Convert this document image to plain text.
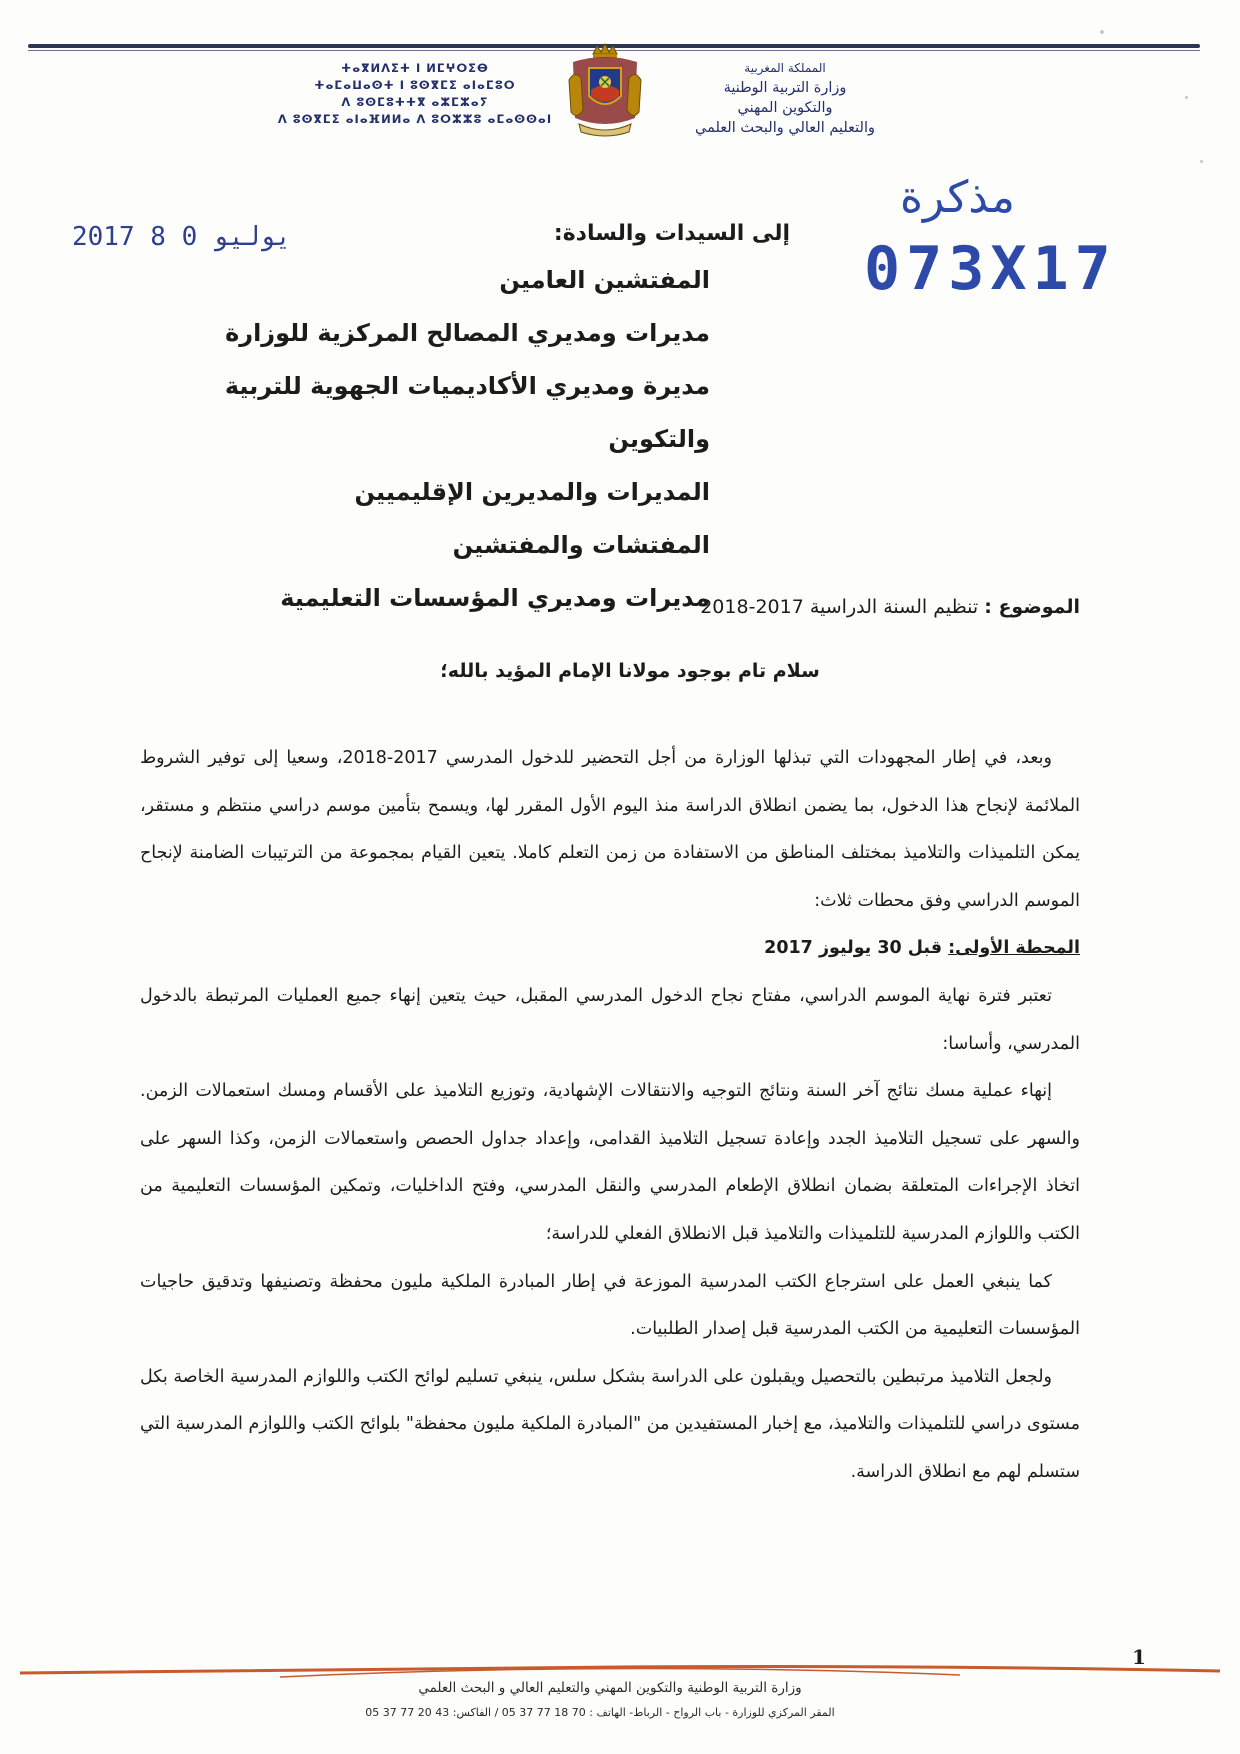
ⵜⴰⴳⵍⴷⵉⵜ ⵏ ⵍⵎⵖⵔⵉⴱ
ⵜⴰⵎⴰⵡⴰⵙⵜ ⵏ ⵓⵙⴳⵎⵉ ⴰⵏⴰⵎⵓⵔ
ⴷ ⵓⵙⵎⵓⵜⵜⴳ ⴰⵣⵎⵣⴰⵢ
ⴷ ⵓⵙⴳⵎⵉ ⴰⵏⴰⴼⵍⵍⴰ ⴷ ⵓⵔⵣⵣⵓ ⴰⵎⴰⵙⵙⴰⵏ
المملكة المغربية
وزارة التربية الوطنية
والتكوين المهني
والتعليم العالي والبحث العلمي
2017 يوليو 0 8
مذكرة
073X17
إلى السيدات والسادة:
المفتشين العامين
مديرات ومديري المصالح المركزية للوزارة
مديرة ومديري الأكاديميات الجهوية للتربية والتكوين
المديرات والمديرين الإقليميين
المفتشات والمفتشين
مديرات ومديري المؤسسات التعليمية	الموضوع : تنظيم السنة الدراسية 2017-2018
سلام تام بوجود مولانا الإمام المؤيد بالله؛

وبعد، في إطار المجهودات التي تبذلها الوزارة من أجل التحضير للدخول المدرسي 2017-2018، وسعيا إلى توفير الشروط الملائمة لإنجاح هذا الدخول، بما يضمن انطلاق الدراسة منذ اليوم الأول المقرر لها، ويسمح بتأمين موسم دراسي منتظم و مستقر، يمكن التلميذات والتلاميذ بمختلف المناطق من الاستفادة من زمن التعلم كاملا. يتعين القيام بمجموعة من الترتيبات الضامنة لإنجاح الموسم الدراسي وفق محطات ثلاث:

المحطة الأولى: قبل 30 يوليوز 2017

تعتبر فترة نهاية الموسم الدراسي، مفتاح نجاح الدخول المدرسي المقبل، حيث يتعين إنهاء جميع العمليات المرتبطة بالدخول المدرسي، وأساسا:

إنهاء عملية مسك نتائج آخر السنة ونتائج التوجيه والانتقالات الإشهادية، وتوزيع التلاميذ على الأقسام ومسك استعمالات الزمن. والسهر على تسجيل التلاميذ الجدد وإعادة تسجيل التلاميذ القدامى، وإعداد جداول الحصص واستعمالات الزمن، وكذا السهر على اتخاذ الإجراءات المتعلقة بضمان انطلاق الإطعام المدرسي والنقل المدرسي، وفتح الداخليات، وتمكين المؤسسات التعليمية من الكتب واللوازم المدرسية للتلميذات والتلاميذ قبل الانطلاق الفعلي للدراسة؛

كما ينبغي العمل على استرجاع الكتب المدرسية الموزعة في إطار المبادرة الملكية مليون محفظة وتصنيفها وتدقيق حاجيات المؤسسات التعليمية من الكتب المدرسية قبل إصدار الطلبيات.

ولجعل التلاميذ مرتبطين بالتحصيل ويقبلون على الدراسة بشكل سلس، ينبغي تسليم لوائح الكتب واللوازم المدرسية الخاصة بكل مستوى دراسي للتلميذات والتلاميذ، مع إخبار المستفيدين من "المبادرة الملكية مليون محفظة" بلوائح الكتب واللوازم المدرسية التي ستسلم لهم مع انطلاق الدراسة.

1
وزارة التربية الوطنية والتكوين المهني والتعليم العالي و البحث العلمي
المقر المركزي للوزارة - باب الرواح - الرباط- الهاتف : 70 18 77 37 05 / الفاكس: 43 20 77 37 05
